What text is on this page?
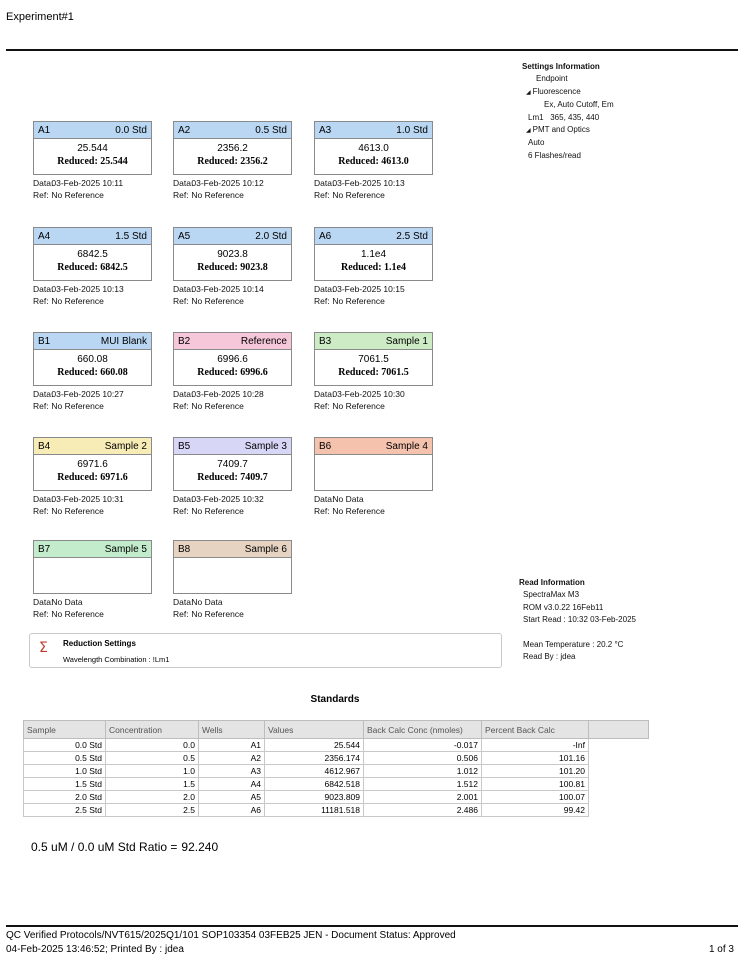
Experiment#1
Settings Information
Endpoint
◢ Fluorescence
Ex, Auto Cutoff, Em
Lm1 365, 435, 440
◢ PMT and Optics
Auto
6 Flashes/read
A1	0.0 Std
25.544
Reduced: 25.544
Data: 03-Feb-2025 10:11
Ref: No Reference
A2	0.5 Std
2356.2
Reduced: 2356.2
Data: 03-Feb-2025 10:12
Ref: No Reference
A3	1.0 Std
4613.0
Reduced: 4613.0
Data: 03-Feb-2025 10:13
Ref: No Reference
A4	1.5 Std
6842.5
Reduced: 6842.5
Data: 03-Feb-2025 10:13
Ref: No Reference
A5	2.0 Std
9023.8
Reduced: 9023.8
Data: 03-Feb-2025 10:14
Ref: No Reference
A6	2.5 Std
1.1e4
Reduced: 1.1e4
Data: 03-Feb-2025 10:15
Ref: No Reference
B1	MUI Blank
660.08
Reduced: 660.08
Data: 03-Feb-2025 10:27
Ref: No Reference
B2	Reference
6996.6
Reduced: 6996.6
Data: 03-Feb-2025 10:28
Ref: No Reference
B3	Sample 1
7061.5
Reduced: 7061.5
Data: 03-Feb-2025 10:30
Ref: No Reference
B4	Sample 2
6971.6
Reduced: 6971.6
Data: 03-Feb-2025 10:31
Ref: No Reference
B5	Sample 3
7409.7
Reduced: 7409.7
Data: 03-Feb-2025 10:32
Ref: No Reference
B6	Sample 4
Data: No Data
Ref: No Reference
B7	Sample 5
Data: No Data
Ref: No Reference
B8	Sample 6
Data: No Data
Ref: No Reference
Σ Reduction Settings
Wavelength Combination : !Lm1
Read Information
SpectraMax M3
ROM v3.0.22 16Feb11
Start Read : 10:32 03-Feb-2025
Mean Temperature : 20.2 °C
Read By : jdea
Standards
Sample	Concentration	Wells	Values	Back Calc Conc (nmoles)	Percent Back Calc	
0.0 Std	0.0	A1	25.544	-0.017	-Inf	
0.5 Std	0.5	A2	2356.174	0.506	101.16	
1.0 Std	1.0	A3	4612.967	1.012	101.20	
1.5 Std	1.5	A4	6842.518	1.512	100.81	
2.0 Std	2.0	A5	9023.809	2.001	100.07	
2.5 Std	2.5	A6	11181.518	2.486	99.42	
0.5 uM / 0.0 uM Std Ratio = 92.240
QC Verified Protocols/NVT615/2025Q1/101 SOP103354 03FEB25 JEN - Document Status: Approved
04-Feb-2025 13:46:52; Printed By : jdea	1 of 3
